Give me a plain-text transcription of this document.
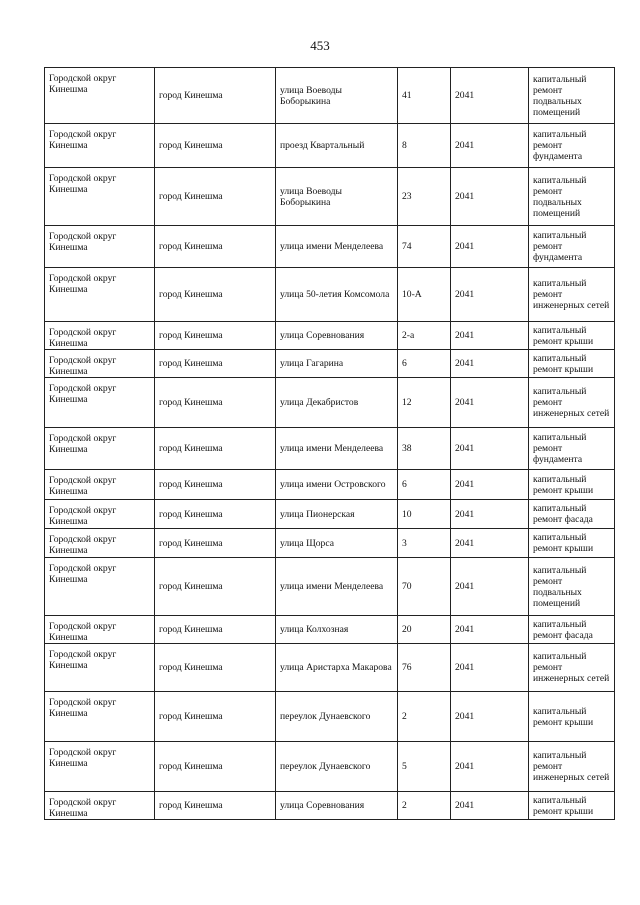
453
Городской округ Кинешма	город Кинешма	улица Воеводы Боборыкина	41	2041	капитальный ремонт подвальных помещений
Городской округ Кинешма	город Кинешма	проезд Квартальный	8	2041	капитальный ремонт фундамента
Городской округ Кинешма	город Кинешма	улица Воеводы Боборыкина	23	2041	капитальный ремонт подвальных помещений
Городской округ Кинешма	город Кинешма	улица имени Менделеева	74	2041	капитальный ремонт фундамента
Городской округ Кинешма	город Кинешма	улица 50-летия Комсомола	10-А	2041	капитальный ремонт инженерных сетей
Городской округ Кинешма	город Кинешма	улица Соревнования	2-а	2041	капитальный ремонт крыши
Городской округ Кинешма	город Кинешма	улица Гагарина	6	2041	капитальный ремонт крыши
Городской округ Кинешма	город Кинешма	улица Декабристов	12	2041	капитальный ремонт инженерных сетей
Городской округ Кинешма	город Кинешма	улица имени Менделеева	38	2041	капитальный ремонт фундамента
Городской округ Кинешма	город Кинешма	улица имени Островского	6	2041	капитальный ремонт крыши
Городской округ Кинешма	город Кинешма	улица Пионерская	10	2041	капитальный ремонт фасада
Городской округ Кинешма	город Кинешма	улица Щорса	3	2041	капитальный ремонт крыши
Городской округ Кинешма	город Кинешма	улица имени Менделеева	70	2041	капитальный ремонт подвальных помещений
Городской округ Кинешма	город Кинешма	улица Колхозная	20	2041	капитальный ремонт фасада
Городской округ Кинешма	город Кинешма	улица Аристарха Макарова	76	2041	капитальный ремонт инженерных сетей
Городской округ Кинешма	город Кинешма	переулок Дунаевского	2	2041	капитальный ремонт крыши
Городской округ Кинешма	город Кинешма	переулок Дунаевского	5	2041	капитальный ремонт инженерных сетей
Городской округ Кинешма	город Кинешма	улица Соревнования	2	2041	капитальный ремонт крыши
